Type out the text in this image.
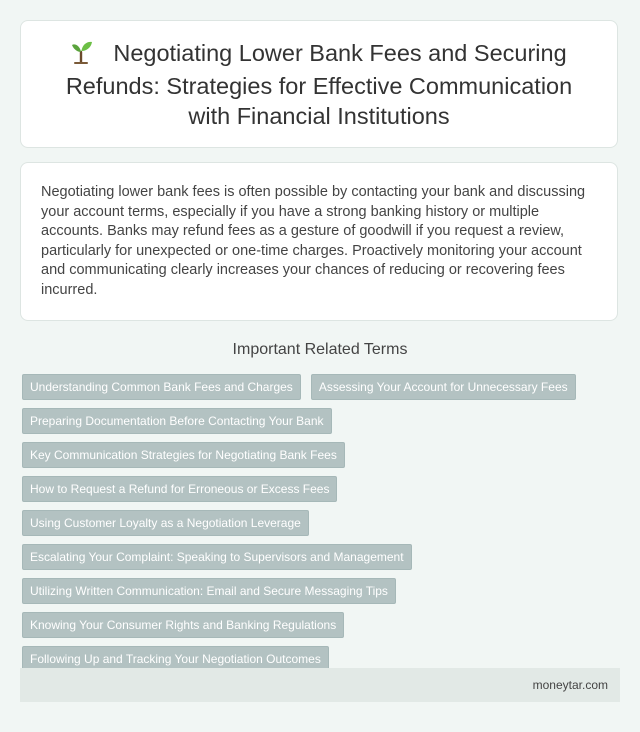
Negotiating Lower Bank Fees and Securing Refunds: Strategies for Effective Communication with Financial Institutions

Negotiating lower bank fees is often possible by contacting your bank and discussing your account terms, especially if you have a strong banking history or multiple accounts. Banks may refund fees as a gesture of goodwill if you request a review, particularly for unexpected or one-time charges. Proactively monitoring your account and communicating clearly increases your chances of reducing or recovering fees incurred.

Important Related Terms
Understanding Common Bank Fees and Charges Assessing Your Account for Unnecessary Fees
Preparing Documentation Before Contacting Your Bank
Key Communication Strategies for Negotiating Bank Fees
How to Request a Refund for Erroneous or Excess Fees
Using Customer Loyalty as a Negotiation Leverage
Escalating Your Complaint: Speaking to Supervisors and Management
Utilizing Written Communication: Email and Secure Messaging Tips
Knowing Your Consumer Rights and Banking Regulations
Following Up and Tracking Your Negotiation Outcomes
moneytar.com
